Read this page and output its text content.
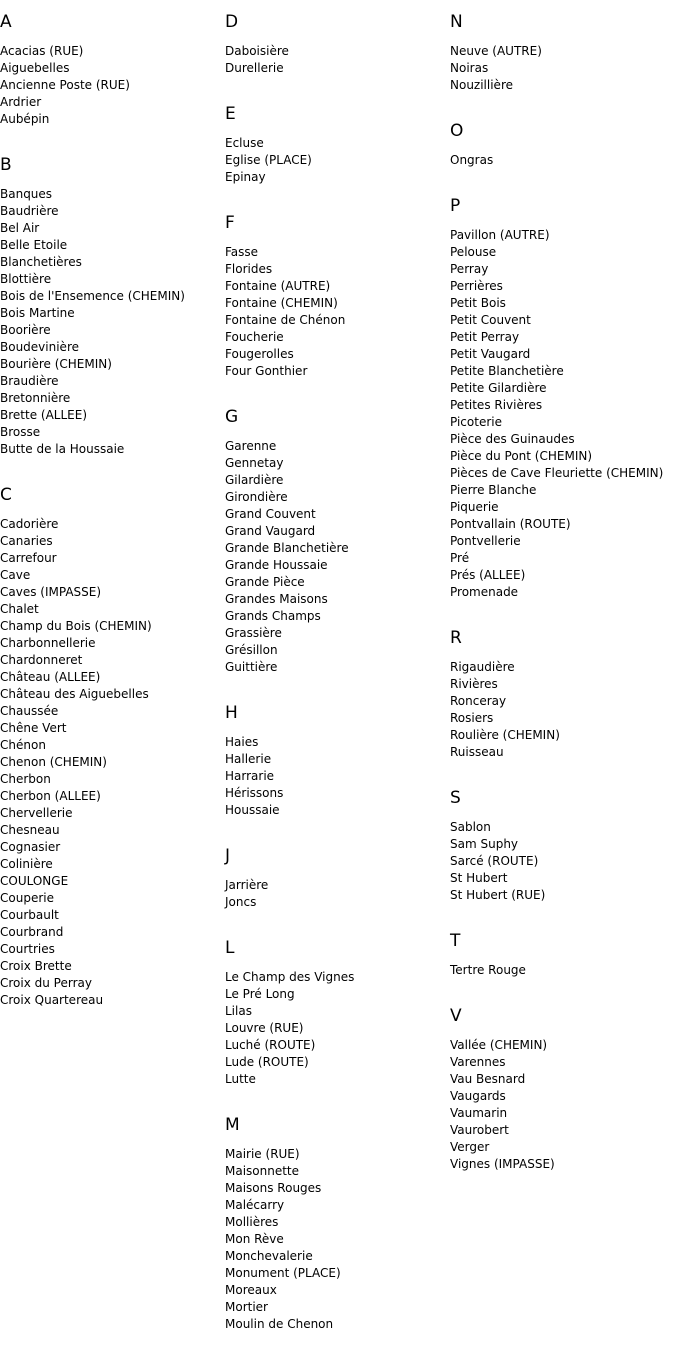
A
Acacias (RUE)
Aiguebelles
Ancienne Poste (RUE)
Ardrier
Aubépin
B
Banques
Baudrière
Bel Air
Belle Etoile
Blanchetières
Blottière
Bois de l'Ensemence (CHEMIN)
Bois Martine
Boorière
Boudevinière
Bourière (CHEMIN)
Braudière
Bretonnière
Brette (ALLEE)
Brosse
Butte de la Houssaie
C
Cadorière
Canaries
Carrefour
Cave
Caves (IMPASSE)
Chalet
Champ du Bois (CHEMIN)
Charbonnellerie
Chardonneret
Château (ALLEE)
Château des Aiguebelles
Chaussée
Chêne Vert
Chénon
Chenon (CHEMIN)
Cherbon
Cherbon (ALLEE)
Chervellerie
Chesneau
Cognasier
Colinière
COULONGE
Couperie
Courbault
Courbrand
Courtries
Croix Brette
Croix du Perray
Croix Quartereau
D
Daboisière
Durellerie
E
Ecluse
Eglise (PLACE)
Epinay
F
Fasse
Florides
Fontaine (AUTRE)
Fontaine (CHEMIN)
Fontaine de Chénon
Foucherie
Fougerolles
Four Gonthier
G
Garenne
Gennetay
Gilardière
Girondière
Grand Couvent
Grand Vaugard
Grande Blanchetière
Grande Houssaie
Grande Pièce
Grandes Maisons
Grands Champs
Grassière
Grésillon
Guittière
H
Haies
Hallerie
Harrarie
Hérissons
Houssaie
J
Jarrière
Joncs
L
Le Champ des Vignes
Le Pré Long
Lilas
Louvre (RUE)
Luché (ROUTE)
Lude (ROUTE)
Lutte
M
Mairie (RUE)
Maisonnette
Maisons Rouges
Malécarry
Mollières
Mon Rève
Monchevalerie
Monument (PLACE)
Moreaux
Mortier
Moulin de Chenon
N
Neuve (AUTRE)
Noiras
Nouzillière
O
Ongras
P
Pavillon (AUTRE)
Pelouse
Perray
Perrières
Petit Bois
Petit Couvent
Petit Perray
Petit Vaugard
Petite Blanchetière
Petite Gilardière
Petites Rivières
Picoterie
Pièce des Guinaudes
Pièce du Pont (CHEMIN)
Pièces de Cave Fleuriette (CHEMIN)
Pierre Blanche
Piquerie
Pontvallain (ROUTE)
Pontvellerie
Pré
Prés (ALLEE)
Promenade
R
Rigaudière
Rivières
Ronceray
Rosiers
Roulière (CHEMIN)
Ruisseau
S
Sablon
Sam Suphy
Sarcé (ROUTE)
St Hubert
St Hubert (RUE)
T
Tertre Rouge
V
Vallée (CHEMIN)
Varennes
Vau Besnard
Vaugards
Vaumarin
Vaurobert
Verger
Vignes (IMPASSE)
